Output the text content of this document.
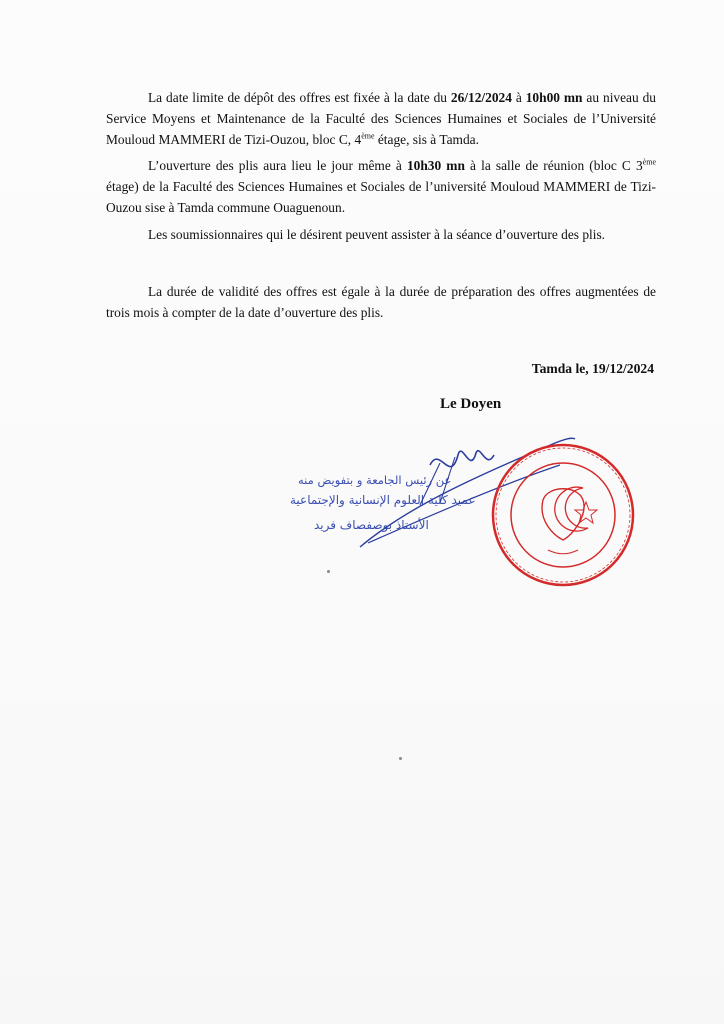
La date limite de dépôt des offres est fixée à la date du 26/12/2024 à 10h00 mn au niveau du Service Moyens et Maintenance de la Faculté des Sciences Humaines et Sociales de l’Université Mouloud MAMMERI de Tizi-Ouzou, bloc C, 4ème étage, sis à Tamda.
L’ouverture des plis aura lieu le jour même à 10h30 mn à la salle de réunion (bloc C 3ème étage) de la Faculté des Sciences Humaines et Sociales de l’université Mouloud MAMMERI de Tizi-Ouzou sise à Tamda commune Ouaguenoun.
Les soumissionnaires qui le désirent peuvent assister à la séance d’ouverture des plis.
La durée de validité des offres est égale à la durée de préparation des offres augmentées de trois mois à compter de la date d’ouverture des plis.
Tamda le, 19/12/2024
Le Doyen
عن رئيس الجامعة و بتفويض منه
عميد كلية العلوم الإنسانية والإجتماعية
الأستاذ بوصفصاف فريد
جامعة مولود معمري تيزي وزو - كلية العلوم الإنسانية والإجتماعية
